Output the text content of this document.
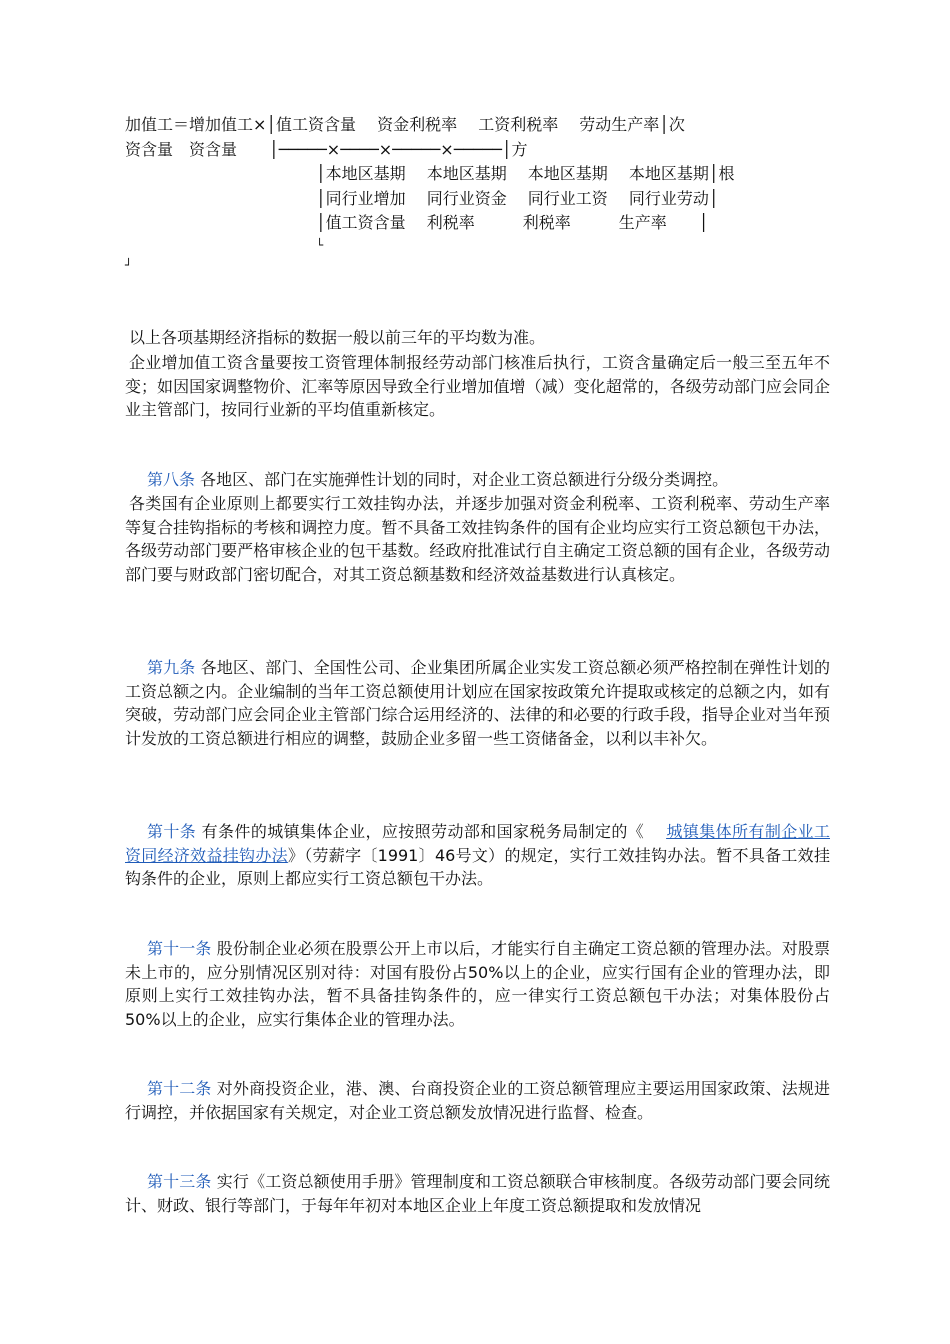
加值工＝增加值工×│值工资含量　 资金利税率 　工资利税率　 劳动生产率│次
资含量　资含量　　│─────×────×─────×─────│方
│本地区基期　 本地区基期　 本地区基期　 本地区基期│根
│同行业增加　 同行业资金　 同行业工资　 同行业劳动│
│值工资含量　 利税率　　　利税率　　　生产率　　│
└
┘
以上各项基期经济指标的数据一般以前三年的平均数为准。
企业增加值工资含量要按工资管理体制报经劳动部门核准后执行，工资含量确定后一般三至五年不变；如因国家调整物价、汇率等原因导致全行业增加值增（减）变化超常的，各级劳动部门应会同企业主管部门，按同行业新的平均值重新核定。
第八条 各地区、部门在实施弹性计划的同时，对企业工资总额进行分级分类调控。
各类国有企业原则上都要实行工效挂钩办法，并逐步加强对资金利税率、工资利税率、劳动生产率等复合挂钩指标的考核和调控力度。暂不具备工效挂钩条件的国有企业均应实行工资总额包干办法，各级劳动部门要严格审核企业的包干基数。经政府批准试行自主确定工资总额的国有企业，各级劳动部门要与财政部门密切配合，对其工资总额基数和经济效益基数进行认真核定。
第九条 各地区、部门、全国性公司、企业集团所属企业实发工资总额必须严格控制在弹性计划的工资总额之内。企业编制的当年工资总额使用计划应在国家按政策允许提取或核定的总额之内，如有突破，劳动部门应会同企业主管部门综合运用经济的、法律的和必要的行政手段，指导企业对当年预计发放的工资总额进行相应的调整，鼓励企业多留一些工资储备金，以利以丰补欠。
第十条 有条件的城镇集体企业，应按照劳动部和国家税务局制定的《 城镇集体所有制企业工资同经济效益挂钩办法》（劳薪字〔1991〕46号文）的规定，实行工效挂钩办法。暂不具备工效挂钩条件的企业，原则上都应实行工资总额包干办法。
第十一条 股份制企业必须在股票公开上市以后，才能实行自主确定工资总额的管理办法。对股票未上市的，应分别情况区别对待：对国有股份占50%以上的企业，应实行国有企业的管理办法，即原则上实行工效挂钩办法，暂不具备挂钩条件的，应一律实行工资总额包干办法；对集体股份占50%以上的企业，应实行集体企业的管理办法。
第十二条 对外商投资企业，港、澳、台商投资企业的工资总额管理应主要运用国家政策、法规进行调控，并依据国家有关规定，对企业工资总额发放情况进行监督、检查。
第十三条 实行《工资总额使用手册》管理制度和工资总额联合审核制度。各级劳动部门要会同统计、财政、银行等部门，于每年年初对本地区企业上年度工资总额提取和发放情况
